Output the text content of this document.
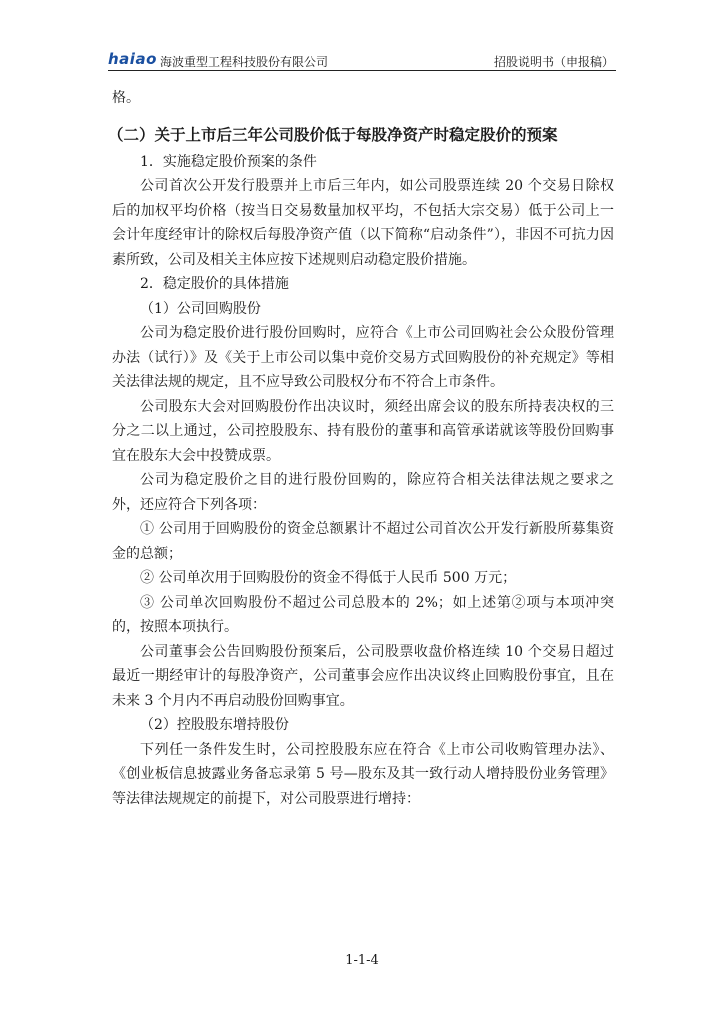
haiao 海波重型工程科技股份有限公司	招股说明书（申报稿）

格。

（二）关于上市后三年公司股价低于每股净资产时稳定股价的预案

1．实施稳定股价预案的条件

公司首次公开发行股票并上市后三年内，如公司股票连续 20 个交易日除权后的加权平均价格（按当日交易数量加权平均，不包括大宗交易）低于公司上一会计年度经审计的除权后每股净资产值（以下简称“启动条件”），非因不可抗力因素所致，公司及相关主体应按下述规则启动稳定股价措施。

2．稳定股价的具体措施

（1）公司回购股份

公司为稳定股价进行股份回购时，应符合《上市公司回购社会公众股份管理办法（试行）》及《关于上市公司以集中竞价交易方式回购股份的补充规定》等相关法律法规的规定，且不应导致公司股权分布不符合上市条件。

公司股东大会对回购股份作出决议时，须经出席会议的股东所持表决权的三分之二以上通过，公司控股股东、持有股份的董事和高管承诺就该等股份回购事宜在股东大会中投赞成票。

公司为稳定股价之目的进行股份回购的，除应符合相关法律法规之要求之外，还应符合下列各项：

① 公司用于回购股份的资金总额累计不超过公司首次公开发行新股所募集资金的总额；

② 公司单次用于回购股份的资金不得低于人民币 500 万元；

③ 公司单次回购股份不超过公司总股本的 2%；如上述第②项与本项冲突的，按照本项执行。

公司董事会公告回购股份预案后，公司股票收盘价格连续 10 个交易日超过最近一期经审计的每股净资产，公司董事会应作出决议终止回购股份事宜，且在未来 3 个月内不再启动股份回购事宜。

（2）控股股东增持股份

下列任一条件发生时，公司控股股东应在符合《上市公司收购管理办法》、《创业板信息披露业务备忘录第 5 号—股东及其一致行动人增持股份业务管理》等法律法规规定的前提下，对公司股票进行增持：

1-1-4
